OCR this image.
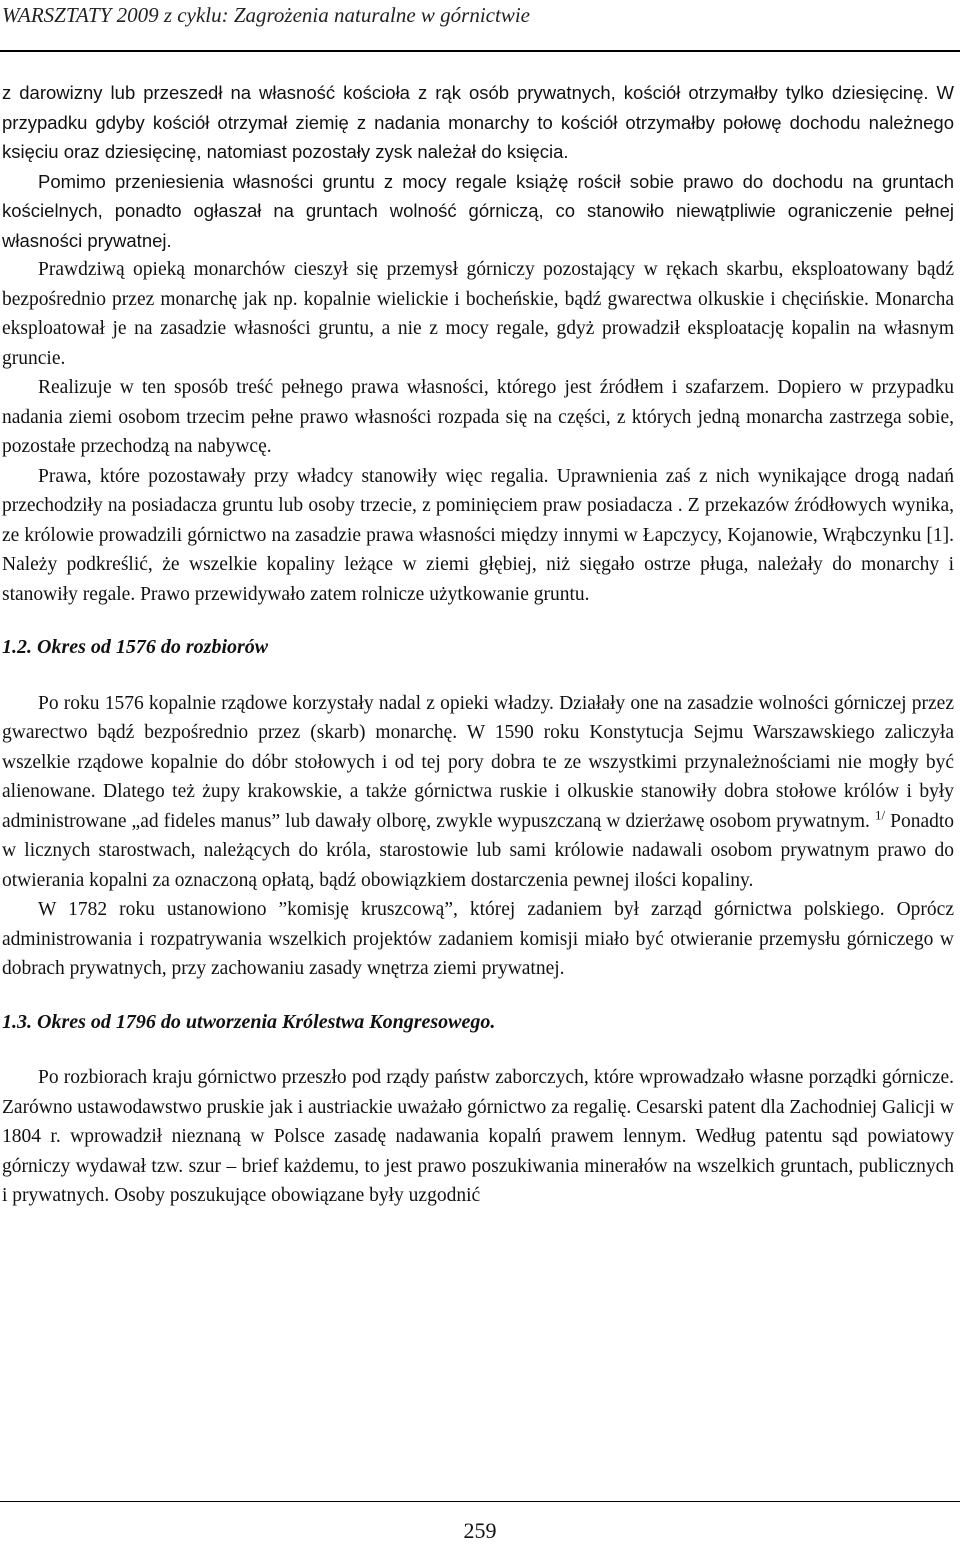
WARSZTATY 2009 z cyklu: Zagrożenia naturalne w górnictwie

z darowizny lub przeszedł na własność kościoła z rąk osób prywatnych, kościół otrzymałby tylko dziesięcinę. W przypadku gdyby kościół otrzymał ziemię z nadania monarchy to kościół otrzymałby połowę dochodu należnego księciu oraz dziesięcinę, natomiast pozostały zysk należał do księcia.

Pomimo przeniesienia własności gruntu z mocy regale książę rościł sobie prawo do dochodu na gruntach kościelnych, ponadto ogłaszał na gruntach wolność górniczą, co stanowiło niewątpliwie ograniczenie pełnej własności prywatnej.

Prawdziwą opieką monarchów cieszył się przemysł górniczy pozostający w rękach skarbu, eksploatowany bądź bezpośrednio przez monarchę jak np. kopalnie wielickie i bocheńskie, bądź gwarectwa olkuskie i chęcińskie. Monarcha eksploatował je na zasadzie własności gruntu, a nie z mocy regale, gdyż prowadził eksploatację kopalin na własnym gruncie.

Realizuje w ten sposób treść pełnego prawa własności, którego jest źródłem i szafarzem. Dopiero w przypadku nadania ziemi osobom trzecim pełne prawo własności rozpada się na części, z których jedną monarcha zastrzega sobie, pozostałe przechodzą na nabywcę.

Prawa, które pozostawały przy władcy stanowiły więc regalia. Uprawnienia zaś z nich wynikające drogą nadań przechodziły na posiadacza gruntu lub osoby trzecie, z pominięciem praw posiadacza . Z przekazów źródłowych wynika, ze królowie prowadzili górnictwo na zasadzie prawa własności między innymi w Łapczycy, Kojanowie, Wrąbczynku [1]. Należy podkreślić, że wszelkie kopaliny leżące w ziemi głębiej, niż sięgało ostrze pługa, należały do monarchy i stanowiły regale. Prawo przewidywało zatem rolnicze użytkowanie gruntu.

1.2. Okres od 1576 do rozbiorów

Po roku 1576 kopalnie rządowe korzystały nadal z opieki władzy. Działały one na zasadzie wolności górniczej przez gwarectwo bądź bezpośrednio przez (skarb) monarchę. W 1590 roku Konstytucja Sejmu Warszawskiego zaliczyła wszelkie rządowe kopalnie do dóbr stołowych i od tej pory dobra te ze wszystkimi przynależnościami nie mogły być alienowane. Dlatego też żupy krakowskie, a także górnictwa ruskie i olkuskie stanowiły dobra stołowe królów i były administrowane „ad fideles manus” lub dawały olborę, zwykle wypuszczaną w dzierżawę osobom prywatnym. $^{1/}$ Ponadto w licznych starostwach, należących do króla, starostowie lub sami królowie nadawali osobom prywatnym prawo do otwierania kopalni za oznaczoną opłatą, bądź obowiązkiem dostarczenia pewnej ilości kopaliny.

W 1782 roku ustanowiono ”komisję kruszcową”, której zadaniem był zarząd górnictwa polskiego. Oprócz administrowania i rozpatrywania wszelkich projektów zadaniem komisji miało być otwieranie przemysłu górniczego w dobrach prywatnych, przy zachowaniu zasady wnętrza ziemi prywatnej.

1.3. Okres od 1796 do utworzenia Królestwa Kongresowego.

Po rozbiorach kraju górnictwo przeszło pod rządy państw zaborczych, które wprowadzało własne porządki górnicze. Zarówno ustawodawstwo pruskie jak i austriackie uważało górnictwo za regalię. Cesarski patent dla Zachodniej Galicji w 1804 r. wprowadził nieznaną w Polsce zasadę nadawania kopalń prawem lennym. Według patentu sąd powiatowy górniczy wydawał tzw. szur – brief każdemu, to jest prawo poszukiwania minerałów na wszelkich gruntach, publicznych i prywatnych. Osoby poszukujące obowiązane były uzgodnić

259
